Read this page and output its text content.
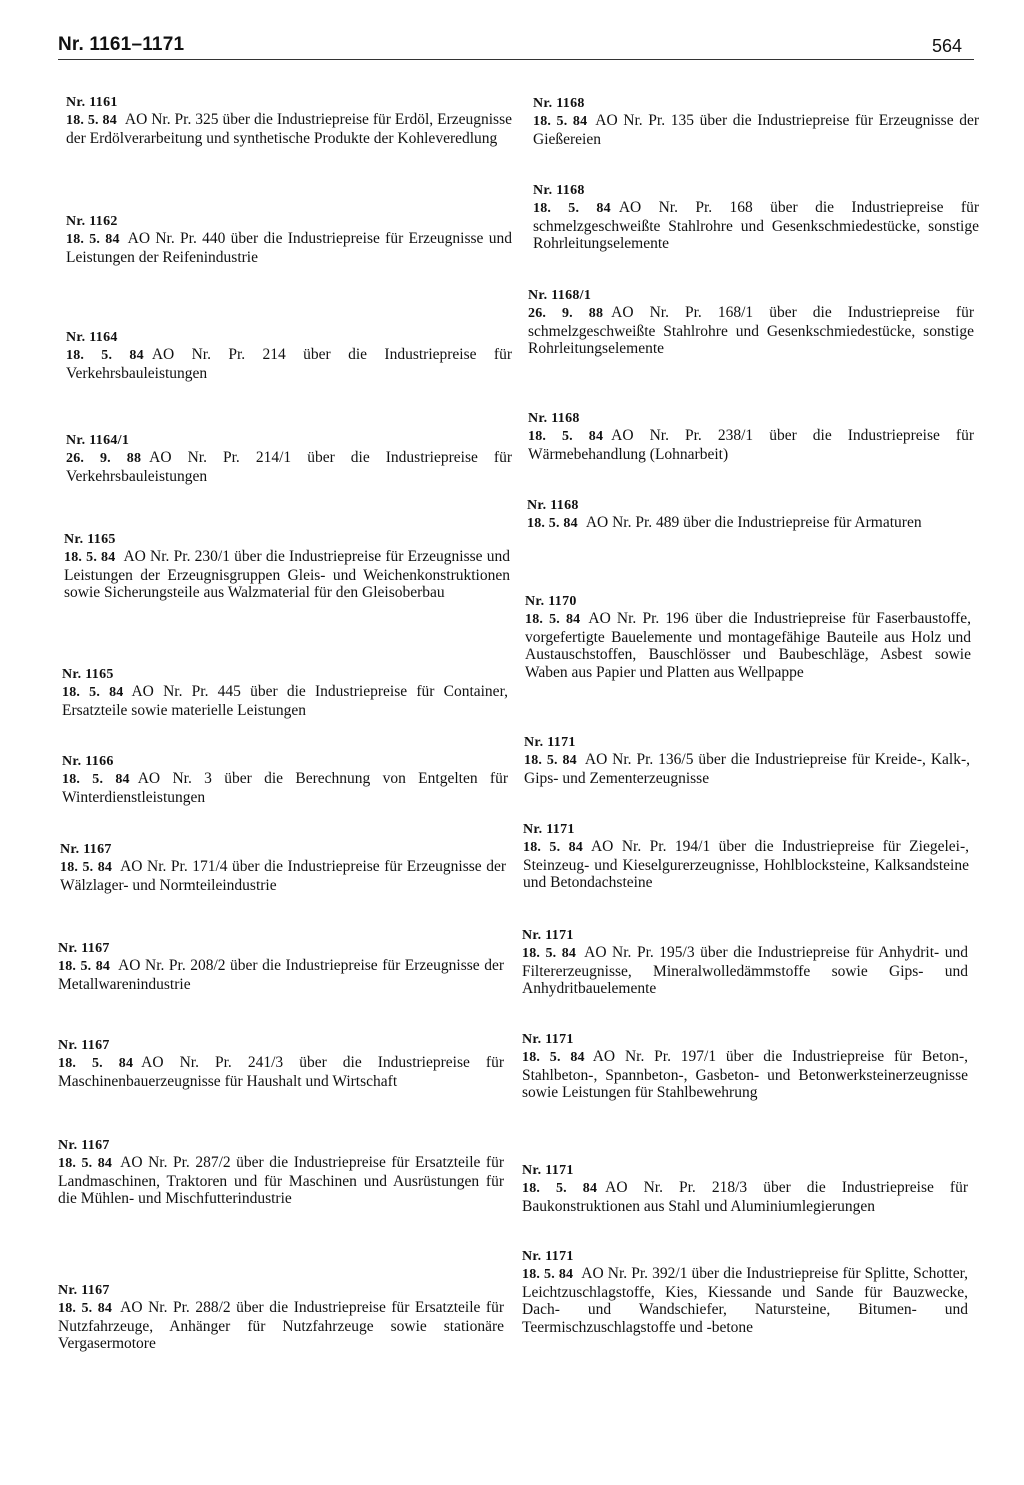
Nr. 1161–1171	564
Nr. 1161
18. 5. 84 AO Nr. Pr. 325 über die Industriepreise für Erdöl, Erzeugnisse der Erdölverarbeitung und synthetische Produkte der Kohleveredlung
Nr. 1162
18. 5. 84 AO Nr. Pr. 440 über die Industriepreise für Erzeugnisse und Leistungen der Reifenindustrie
Nr. 1164
18. 5. 84 AO Nr. Pr. 214 über die Industriepreise für Verkehrsbauleistungen
Nr. 1164/1
26. 9. 88 AO Nr. Pr. 214/1 über die Industriepreise für Verkehrsbauleistungen
Nr. 1165
18. 5. 84 AO Nr. Pr. 230/1 über die Industriepreise für Erzeugnisse und Leistungen der Erzeugnisgruppen Gleis- und Weichenkonstruktionen sowie Sicherungsteile aus Walzmaterial für den Gleisoberbau
Nr. 1165
18. 5. 84 AO Nr. Pr. 445 über die Industriepreise für Container, Ersatzteile sowie materielle Leistungen
Nr. 1166
18. 5. 84 AO Nr. 3 über die Berechnung von Entgelten für Winterdienstleistungen
Nr. 1167
18. 5. 84 AO Nr. Pr. 171/4 über die Industriepreise für Erzeugnisse der Wälzlager- und Normteileindustrie
Nr. 1167
18. 5. 84 AO Nr. Pr. 208/2 über die Industriepreise für Erzeugnisse der Metallwarenindustrie
Nr. 1167
18. 5. 84 AO Nr. Pr. 241/3 über die Industriepreise für Maschinenbauerzeugnisse für Haushalt und Wirtschaft
Nr. 1167
18. 5. 84 AO Nr. Pr. 287/2 über die Industriepreise für Ersatzteile für Landmaschinen, Traktoren und für Maschinen und Ausrüstungen für die Mühlen- und Mischfutterindustrie
Nr. 1167
18. 5. 84 AO Nr. Pr. 288/2 über die Industriepreise für Ersatzteile für Nutzfahrzeuge, Anhänger für Nutzfahrzeuge sowie stationäre Vergasermotore
Nr. 1168
18. 5. 84 AO Nr. Pr. 135 über die Industriepreise für Erzeugnisse der Gießereien
Nr. 1168
18. 5. 84 AO Nr. Pr. 168 über die Industriepreise für schmelzgeschweißte Stahlrohre und Gesenkschmiedestücke, sonstige Rohrleitungselemente
Nr. 1168/1
26. 9. 88 AO Nr. Pr. 168/1 über die Industriepreise für schmelzgeschweißte Stahlrohre und Gesenkschmiedestücke, sonstige Rohrleitungselemente
Nr. 1168
18. 5. 84 AO Nr. Pr. 238/1 über die Industriepreise für Wärmebehandlung (Lohnarbeit)
Nr. 1168
18. 5. 84 AO Nr. Pr. 489 über die Industriepreise für Armaturen
Nr. 1170
18. 5. 84 AO Nr. Pr. 196 über die Industriepreise für Faserbaustoffe, vorgefertigte Bauelemente und montagefähige Bauteile aus Holz und Austauschstoffen, Bauschlösser und Baubeschläge, Asbest sowie Waben aus Papier und Platten aus Wellpappe
Nr. 1171
18. 5. 84 AO Nr. Pr. 136/5 über die Industriepreise für Kreide-, Kalk-, Gips- und Zementerzeugnisse
Nr. 1171
18. 5. 84 AO Nr. Pr. 194/1 über die Industriepreise für Ziegelei-, Steinzeug- und Kieselgurerzeugnisse, Hohlblocksteine, Kalksandsteine und Betondachsteine
Nr. 1171
18. 5. 84 AO Nr. Pr. 195/3 über die Industriepreise für Anhydrit- und Filtererzeugnisse, Mineralwolledämmstoffe sowie Gips- und Anhydritbauelemente
Nr. 1171
18. 5. 84 AO Nr. Pr. 197/1 über die Industriepreise für Beton-, Stahlbeton-, Spannbeton-, Gasbeton- und Betonwerksteinerzeugnisse sowie Leistungen für Stahlbewehrung
Nr. 1171
18. 5. 84 AO Nr. Pr. 218/3 über die Industriepreise für Baukonstruktionen aus Stahl und Aluminiumlegierungen
Nr. 1171
18. 5. 84 AO Nr. Pr. 392/1 über die Industriepreise für Splitte, Schotter, Leichtzuschlagstoffe, Kies, Kiessande und Sande für Bauzwecke, Dach- und Wandschiefer, Natursteine, Bitumen- und Teermischzuschlagstoffe und -betone
